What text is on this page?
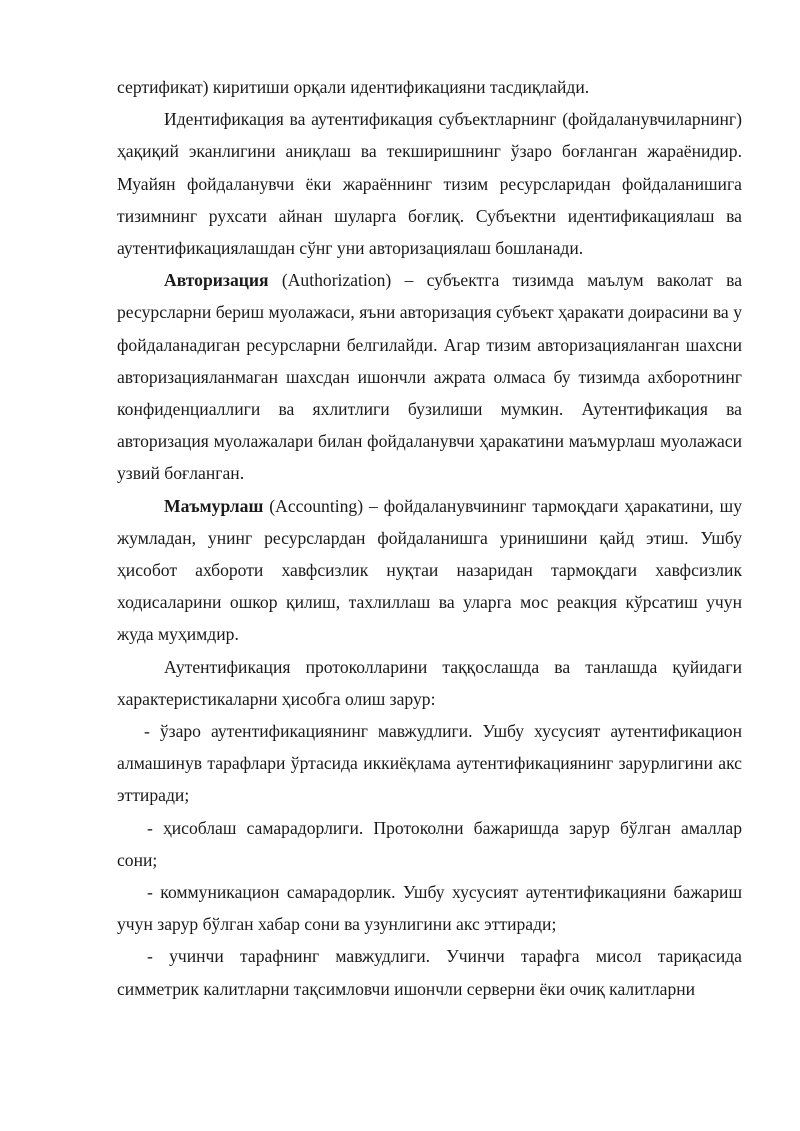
сертификат) киритиши орқали идентификацияни тасдиқлайди.

Идентификация ва аутентификация субъектларнинг (фойдаланувчиларнинг) ҳақиқий эканлигини аниқлаш ва текширишнинг ўзаро боғланган жараёнидир. Муайян фойдаланувчи ёки жараённинг тизим ресурсларидан фойдаланишига тизимнинг рухсати айнан шуларга боғлиқ. Субъектни идентификациялаш ва аутентификациялашдан сўнг уни авторизациялаш бошланади.

Авторизация (Authorization) – субъектга тизимда маълум ваколат ва ресурсларни бериш муолажаси, яъни авторизация субъект ҳаракати доирасини ва у фойдаланадиган ресурсларни белгилайди. Агар тизим авторизацияланган шахсни авторизацияланмаган шахсдан ишончли ажрата олмаса бу тизимда ахборотнинг конфиденциаллиги ва яхлитлиги бузилиши мумкин. Аутентификация ва авторизация муолажалари билан фойдаланувчи ҳаракатини маъмурлаш муолажаси узвий боғланган.

Маъмурлаш (Accounting) – фойдаланувчининг тармоқдаги ҳаракатини, шу жумладан, унинг ресурслардан фойдаланишга уринишини қайд этиш. Ушбу ҳисобот ахбороти хавфсизлик нуқтаи назаридан тармоқдаги хавфсизлик ходисаларини ошкор қилиш, тахлиллаш ва уларга мос реакция кўрсатиш учун жуда муҳимдир.

Аутентификация протоколларини таққослашда ва танлашда қуйидаги характеристикаларни ҳисобга олиш зарур:

- ўзаро аутентификациянинг мавжудлиги. Ушбу хусусият аутентификацион алмашинув тарафлари ўртасида иккиёқлама аутентификациянинг зарурлигини акс эттиради;

- ҳисоблаш самарадорлиги. Протоколни бажаришда зарур бўлган амаллар сони;

- коммуникацион самарадорлик. Ушбу хусусият аутентификацияни бажариш учун зарур бўлган хабар сони ва узунлигини акс эттиради;

- учинчи тарафнинг мавжудлиги. Учинчи тарафга мисол тариқасида симметрик калитларни тақсимловчи ишончли серверни ёки очиқ калитларни
